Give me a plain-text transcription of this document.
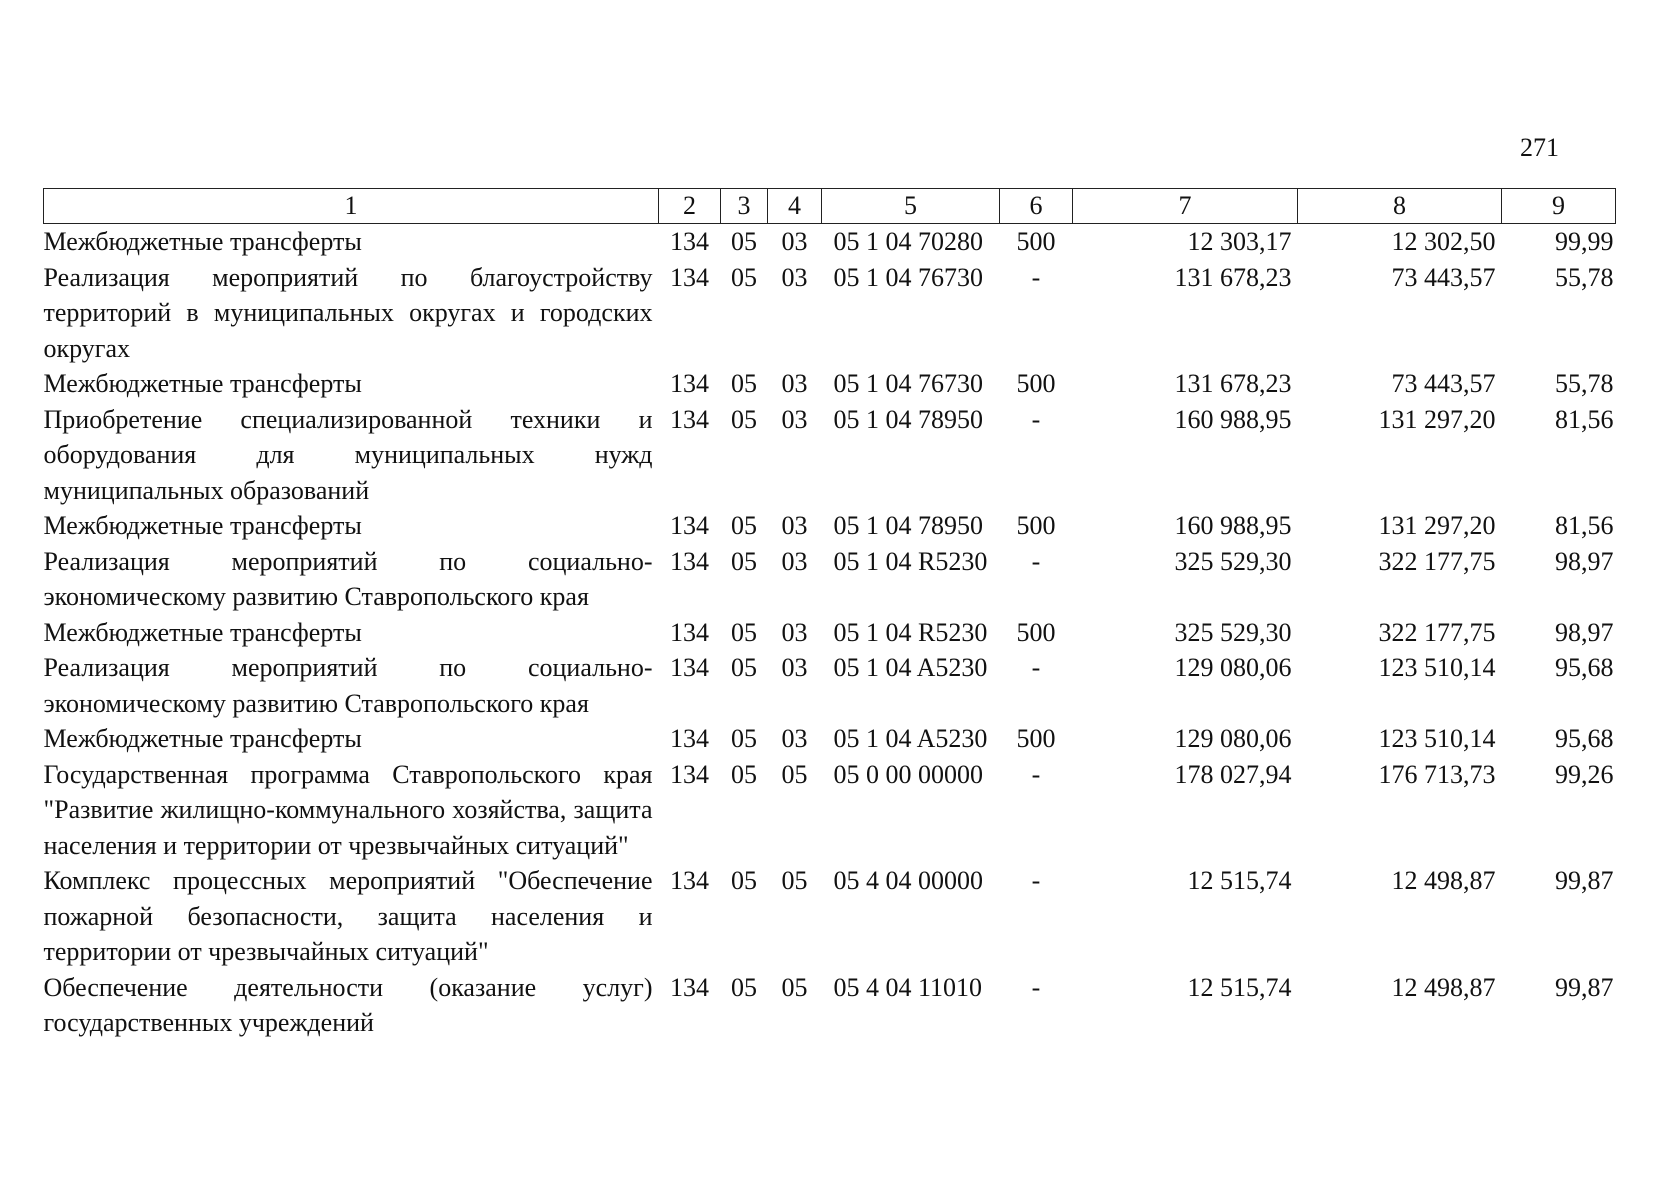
271
1	2	3	4	5	6	7	8	9
Межбюджетные трансферты	134	05	03	05 1 04 70280	500	12 303,17	12 302,50	99,99
Реализация мероприятий по благоустройству территорий в муниципальных округах и городских округах	134	05	03	05 1 04 76730	-	131 678,23	73 443,57	55,78
Межбюджетные трансферты	134	05	03	05 1 04 76730	500	131 678,23	73 443,57	55,78
Приобретение специализированной техники и оборудования для муниципальных нужд муниципальных образований	134	05	03	05 1 04 78950	-	160 988,95	131 297,20	81,56
Межбюджетные трансферты	134	05	03	05 1 04 78950	500	160 988,95	131 297,20	81,56
Реализация мероприятий по социально-экономическому развитию Ставропольского края	134	05	03	05 1 04 R5230	-	325 529,30	322 177,75	98,97
Межбюджетные трансферты	134	05	03	05 1 04 R5230	500	325 529,30	322 177,75	98,97
Реализация мероприятий по социально-экономическому развитию Ставропольского края	134	05	03	05 1 04 A5230	-	129 080,06	123 510,14	95,68
Межбюджетные трансферты	134	05	03	05 1 04 A5230	500	129 080,06	123 510,14	95,68
Государственная программа Ставропольского края "Развитие жилищно-коммунального хозяйства, защита населения и территории от чрезвычайных ситуаций"	134	05	05	05 0 00 00000	-	178 027,94	176 713,73	99,26
Комплекс процессных мероприятий "Обеспечение пожарной безопасности, защита населения и территории от чрезвычайных ситуаций"	134	05	05	05 4 04 00000	-	12 515,74	12 498,87	99,87
Обеспечение деятельности (оказание услуг) государственных учреждений	134	05	05	05 4 04 11010	-	12 515,74	12 498,87	99,87
